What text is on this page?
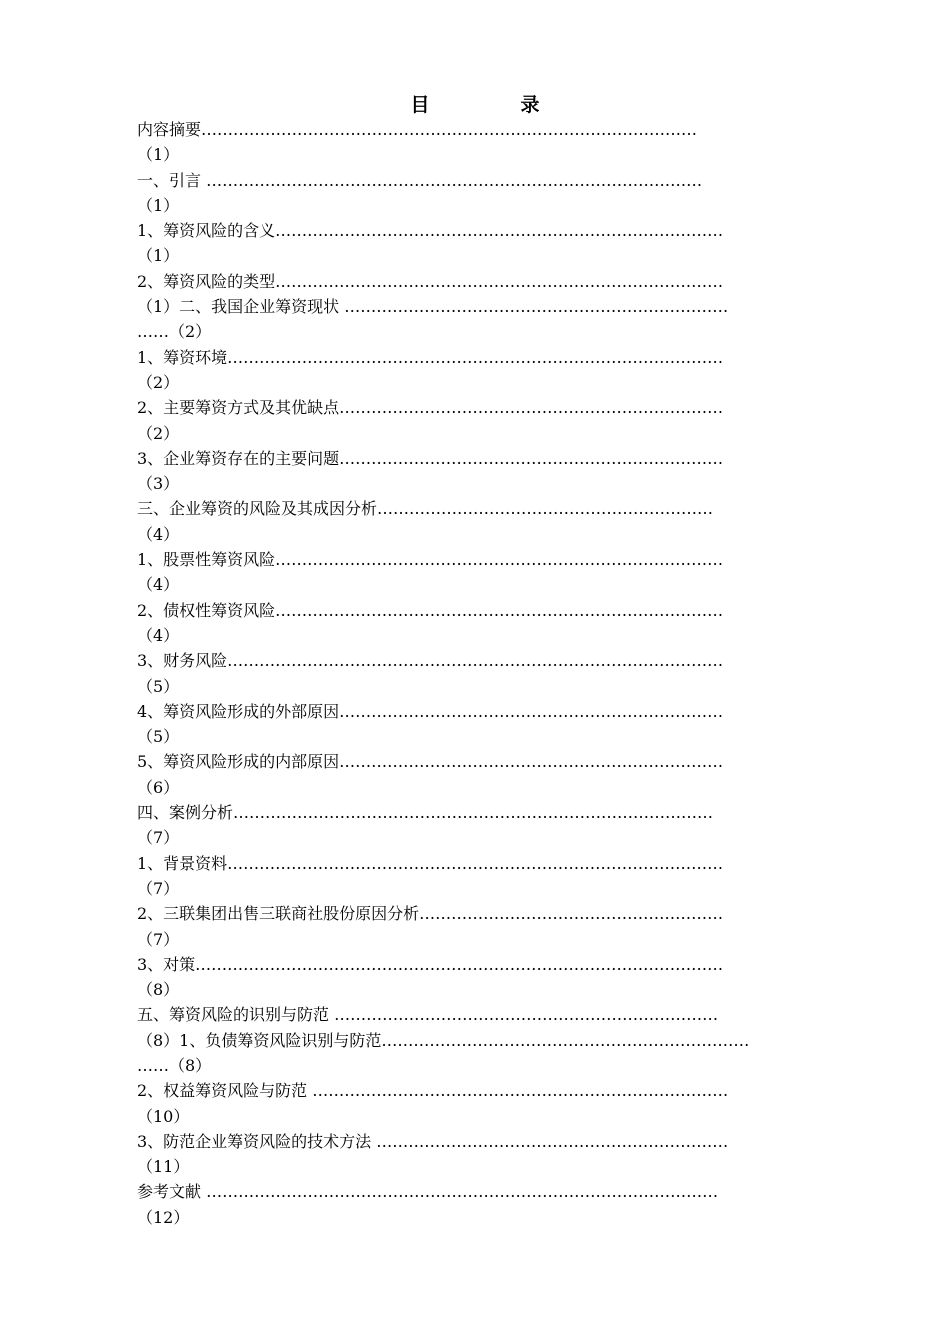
目　录
内容摘要…………………………………………………………………………………
（1）
一、引言 …………………………………………………………………………………
（1）
1、筹资风险的含义…………………………………………………………………………
（1）
2、筹资风险的类型…………………………………………………………………………
（1）二、我国企业筹资现状 ………………………………………………………………
……（2）
1、筹资环境…………………………………………………………………………………
（2）
2、主要筹资方式及其优缺点………………………………………………………………
（2）
3、企业筹资存在的主要问题………………………………………………………………
（3）
三、企业筹资的风险及其成因分析………………………………………………………
（4）
1、股票性筹资风险…………………………………………………………………………
（4）
2、债权性筹资风险…………………………………………………………………………
（4）
3、财务风险…………………………………………………………………………………
（5）
4、筹资风险形成的外部原因………………………………………………………………
（5）
5、筹资风险形成的内部原因………………………………………………………………
（6）
四、案例分析………………………………………………………………………………
（7）
1、背景资料…………………………………………………………………………………
（7）
2、三联集团出售三联商社股份原因分析…………………………………………………
（7）
3、对策………………………………………………………………………………………
（8）
五、筹资风险的识别与防范 ………………………………………………………………
（8）1、负债筹资风险识别与防范……………………………………………………………
……（8）
2、权益筹资风险与防范 ……………………………………………………………………
（10）
3、防范企业筹资风险的技术方法 …………………………………………………………
（11）
参考文献 ……………………………………………………………………………………
（12）
